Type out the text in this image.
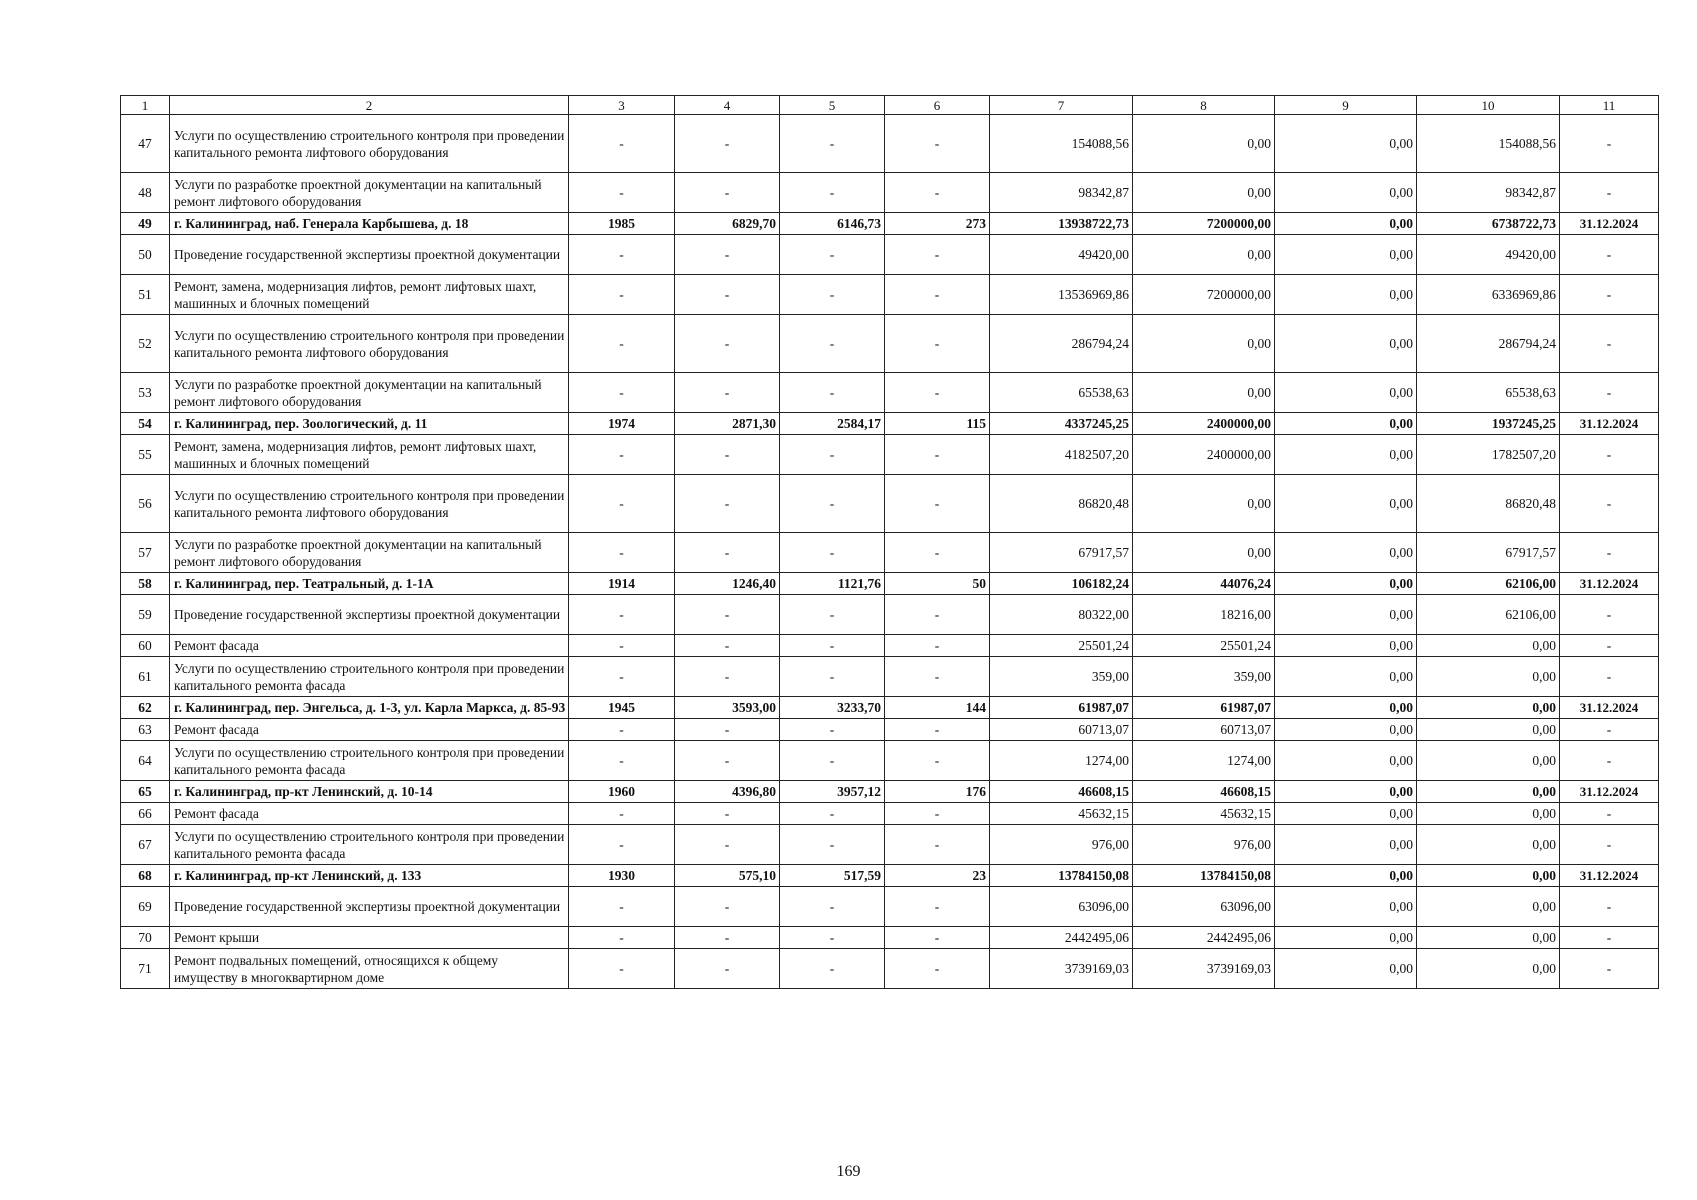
1	2	3	4	5	6	7	8	9	10	11
47	Услуги по осуществлению строительного контроля при проведении капитального ремонта лифтового оборудования	-	-	-	-	154088,56	0,00	0,00	154088,56	-
48	Услуги по разработке проектной документации на капитальный ремонт лифтового оборудования	-	-	-	-	98342,87	0,00	0,00	98342,87	-
49	г. Калининград, наб. Генерала Карбышева, д. 18	1985	6829,70	6146,73	273	13938722,73	7200000,00	0,00	6738722,73	31.12.2024
50	Проведение государственной экспертизы проектной документации	-	-	-	-	49420,00	0,00	0,00	49420,00	-
51	Ремонт, замена, модернизация лифтов, ремонт лифтовых шахт, машинных и блочных помещений	-	-	-	-	13536969,86	7200000,00	0,00	6336969,86	-
52	Услуги по осуществлению строительного контроля при проведении капитального ремонта лифтового оборудования	-	-	-	-	286794,24	0,00	0,00	286794,24	-
53	Услуги по разработке проектной документации на капитальный ремонт лифтового оборудования	-	-	-	-	65538,63	0,00	0,00	65538,63	-
54	г. Калининград, пер. Зоологический, д. 11	1974	2871,30	2584,17	115	4337245,25	2400000,00	0,00	1937245,25	31.12.2024
55	Ремонт, замена, модернизация лифтов, ремонт лифтовых шахт, машинных и блочных помещений	-	-	-	-	4182507,20	2400000,00	0,00	1782507,20	-
56	Услуги по осуществлению строительного контроля при проведении капитального ремонта лифтового оборудования	-	-	-	-	86820,48	0,00	0,00	86820,48	-
57	Услуги по разработке проектной документации на капитальный ремонт лифтового оборудования	-	-	-	-	67917,57	0,00	0,00	67917,57	-
58	г. Калининград, пер. Театральный, д. 1-1А	1914	1246,40	1121,76	50	106182,24	44076,24	0,00	62106,00	31.12.2024
59	Проведение государственной экспертизы проектной документации	-	-	-	-	80322,00	18216,00	0,00	62106,00	-
60	Ремонт фасада	-	-	-	-	25501,24	25501,24	0,00	0,00	-
61	Услуги по осуществлению строительного контроля при проведении капитального ремонта фасада	-	-	-	-	359,00	359,00	0,00	0,00	-
62	г. Калининград, пер. Энгельса, д. 1-3, ул. Карла Маркса, д. 85-93	1945	3593,00	3233,70	144	61987,07	61987,07	0,00	0,00	31.12.2024
63	Ремонт фасада	-	-	-	-	60713,07	60713,07	0,00	0,00	-
64	Услуги по осуществлению строительного контроля при проведении капитального ремонта фасада	-	-	-	-	1274,00	1274,00	0,00	0,00	-
65	г. Калининград, пр-кт Ленинский, д. 10-14	1960	4396,80	3957,12	176	46608,15	46608,15	0,00	0,00	31.12.2024
66	Ремонт фасада	-	-	-	-	45632,15	45632,15	0,00	0,00	-
67	Услуги по осуществлению строительного контроля при проведении капитального ремонта фасада	-	-	-	-	976,00	976,00	0,00	0,00	-
68	г. Калининград, пр-кт Ленинский, д. 133	1930	575,10	517,59	23	13784150,08	13784150,08	0,00	0,00	31.12.2024
69	Проведение государственной экспертизы проектной документации	-	-	-	-	63096,00	63096,00	0,00	0,00	-
70	Ремонт крыши	-	-	-	-	2442495,06	2442495,06	0,00	0,00	-
71	Ремонт подвальных помещений, относящихся к общему имуществу в многоквартирном доме	-	-	-	-	3739169,03	3739169,03	0,00	0,00	-
169
